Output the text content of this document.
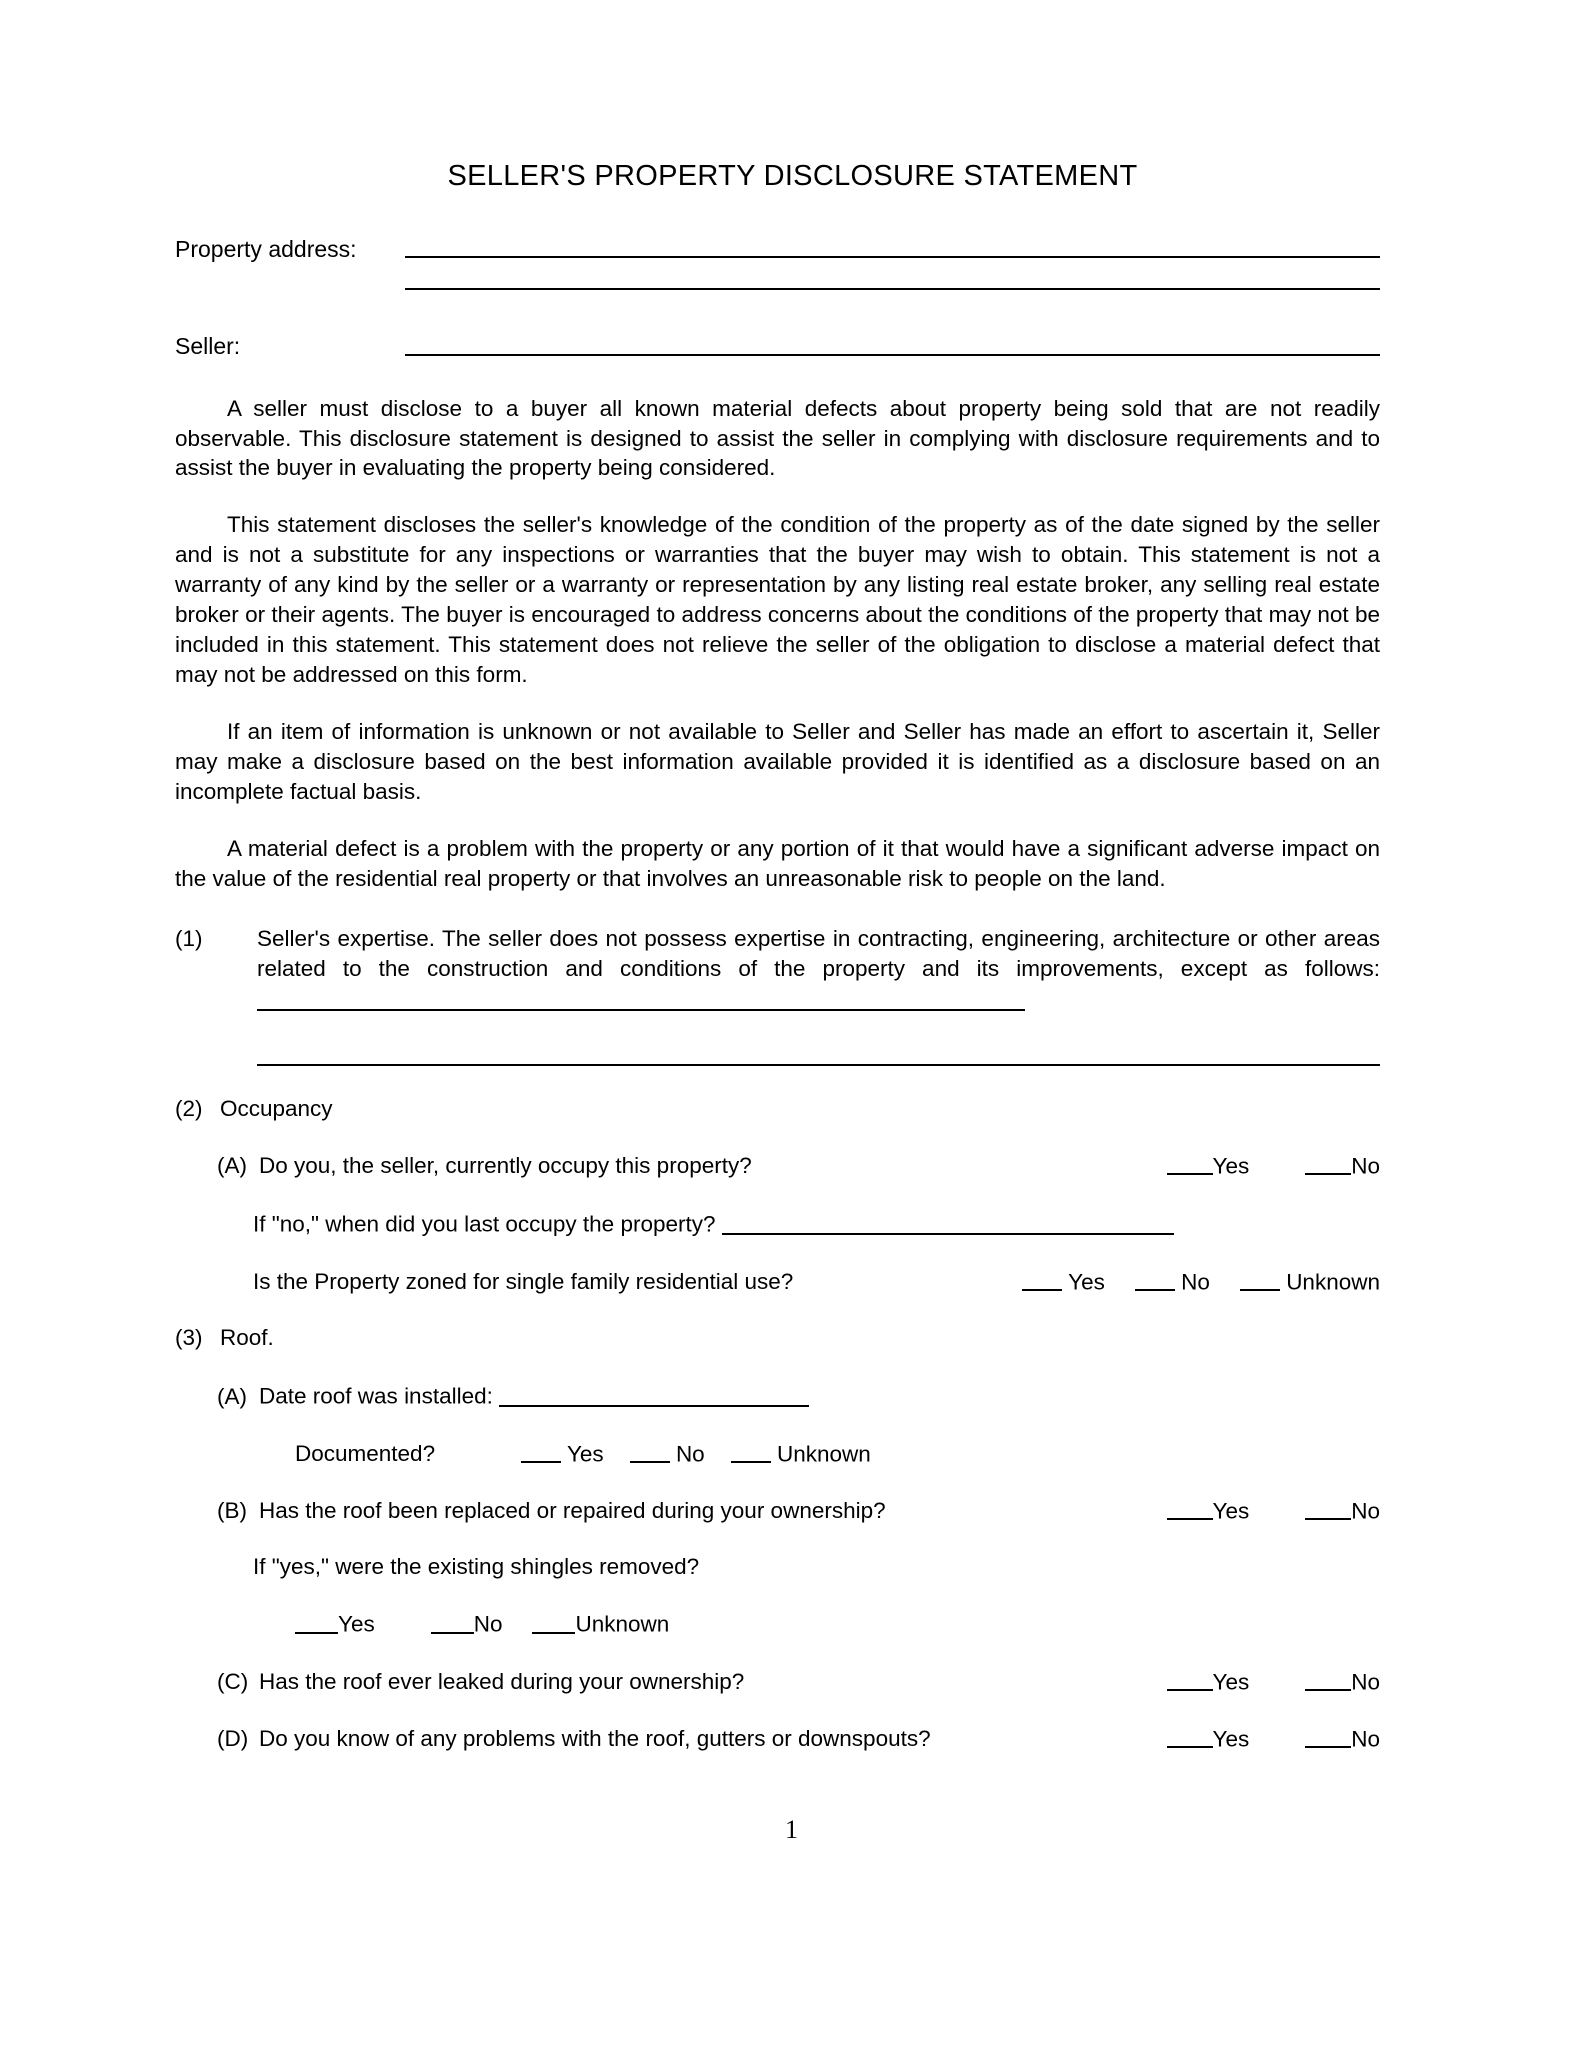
SELLER'S PROPERTY DISCLOSURE STATEMENT
Property address:
Seller:

A seller must disclose to a buyer all known material defects about property being sold that are not readily observable. This disclosure statement is designed to assist the seller in complying with disclosure requirements and to assist the buyer in evaluating the property being considered.

This statement discloses the seller's knowledge of the condition of the property as of the date signed by the seller and is not a substitute for any inspections or warranties that the buyer may wish to obtain. This statement is not a warranty of any kind by the seller or a warranty or representation by any listing real estate broker, any selling real estate broker or their agents. The buyer is encouraged to address concerns about the conditions of the property that may not be included in this statement. This statement does not relieve the seller of the obligation to disclose a material defect that may not be addressed on this form.

If an item of information is unknown or not available to Seller and Seller has made an effort to ascertain it, Seller may make a disclosure based on the best information available provided it is identified as a disclosure based on an incomplete factual basis.

A material defect is a problem with the property or any portion of it that would have a significant adverse impact on the value of the residential real property or that involves an unreasonable risk to people on the land.

(1)	Seller's expertise. The seller does not possess expertise in contracting, engineering, architecture or other areas related to the construction and conditions of the property and its improvements, except as follows:
(2) Occupancy
(A) Do you, the seller, currently occupy this property?	Yes	No
If "no," when did you last occupy the property?
Is the Property zoned for single family residential use?	Yes	No	Unknown
(3) Roof.
(A) Date roof was installed:
Documented?	Yes	No	Unknown
(B) Has the roof been replaced or repaired during your ownership?	Yes	No
If "yes," were the existing shingles removed?
Yes	No	Unknown
(C) Has the roof ever leaked during your ownership?	Yes	No
(D) Do you know of any problems with the roof, gutters or downspouts?	Yes	No
1
